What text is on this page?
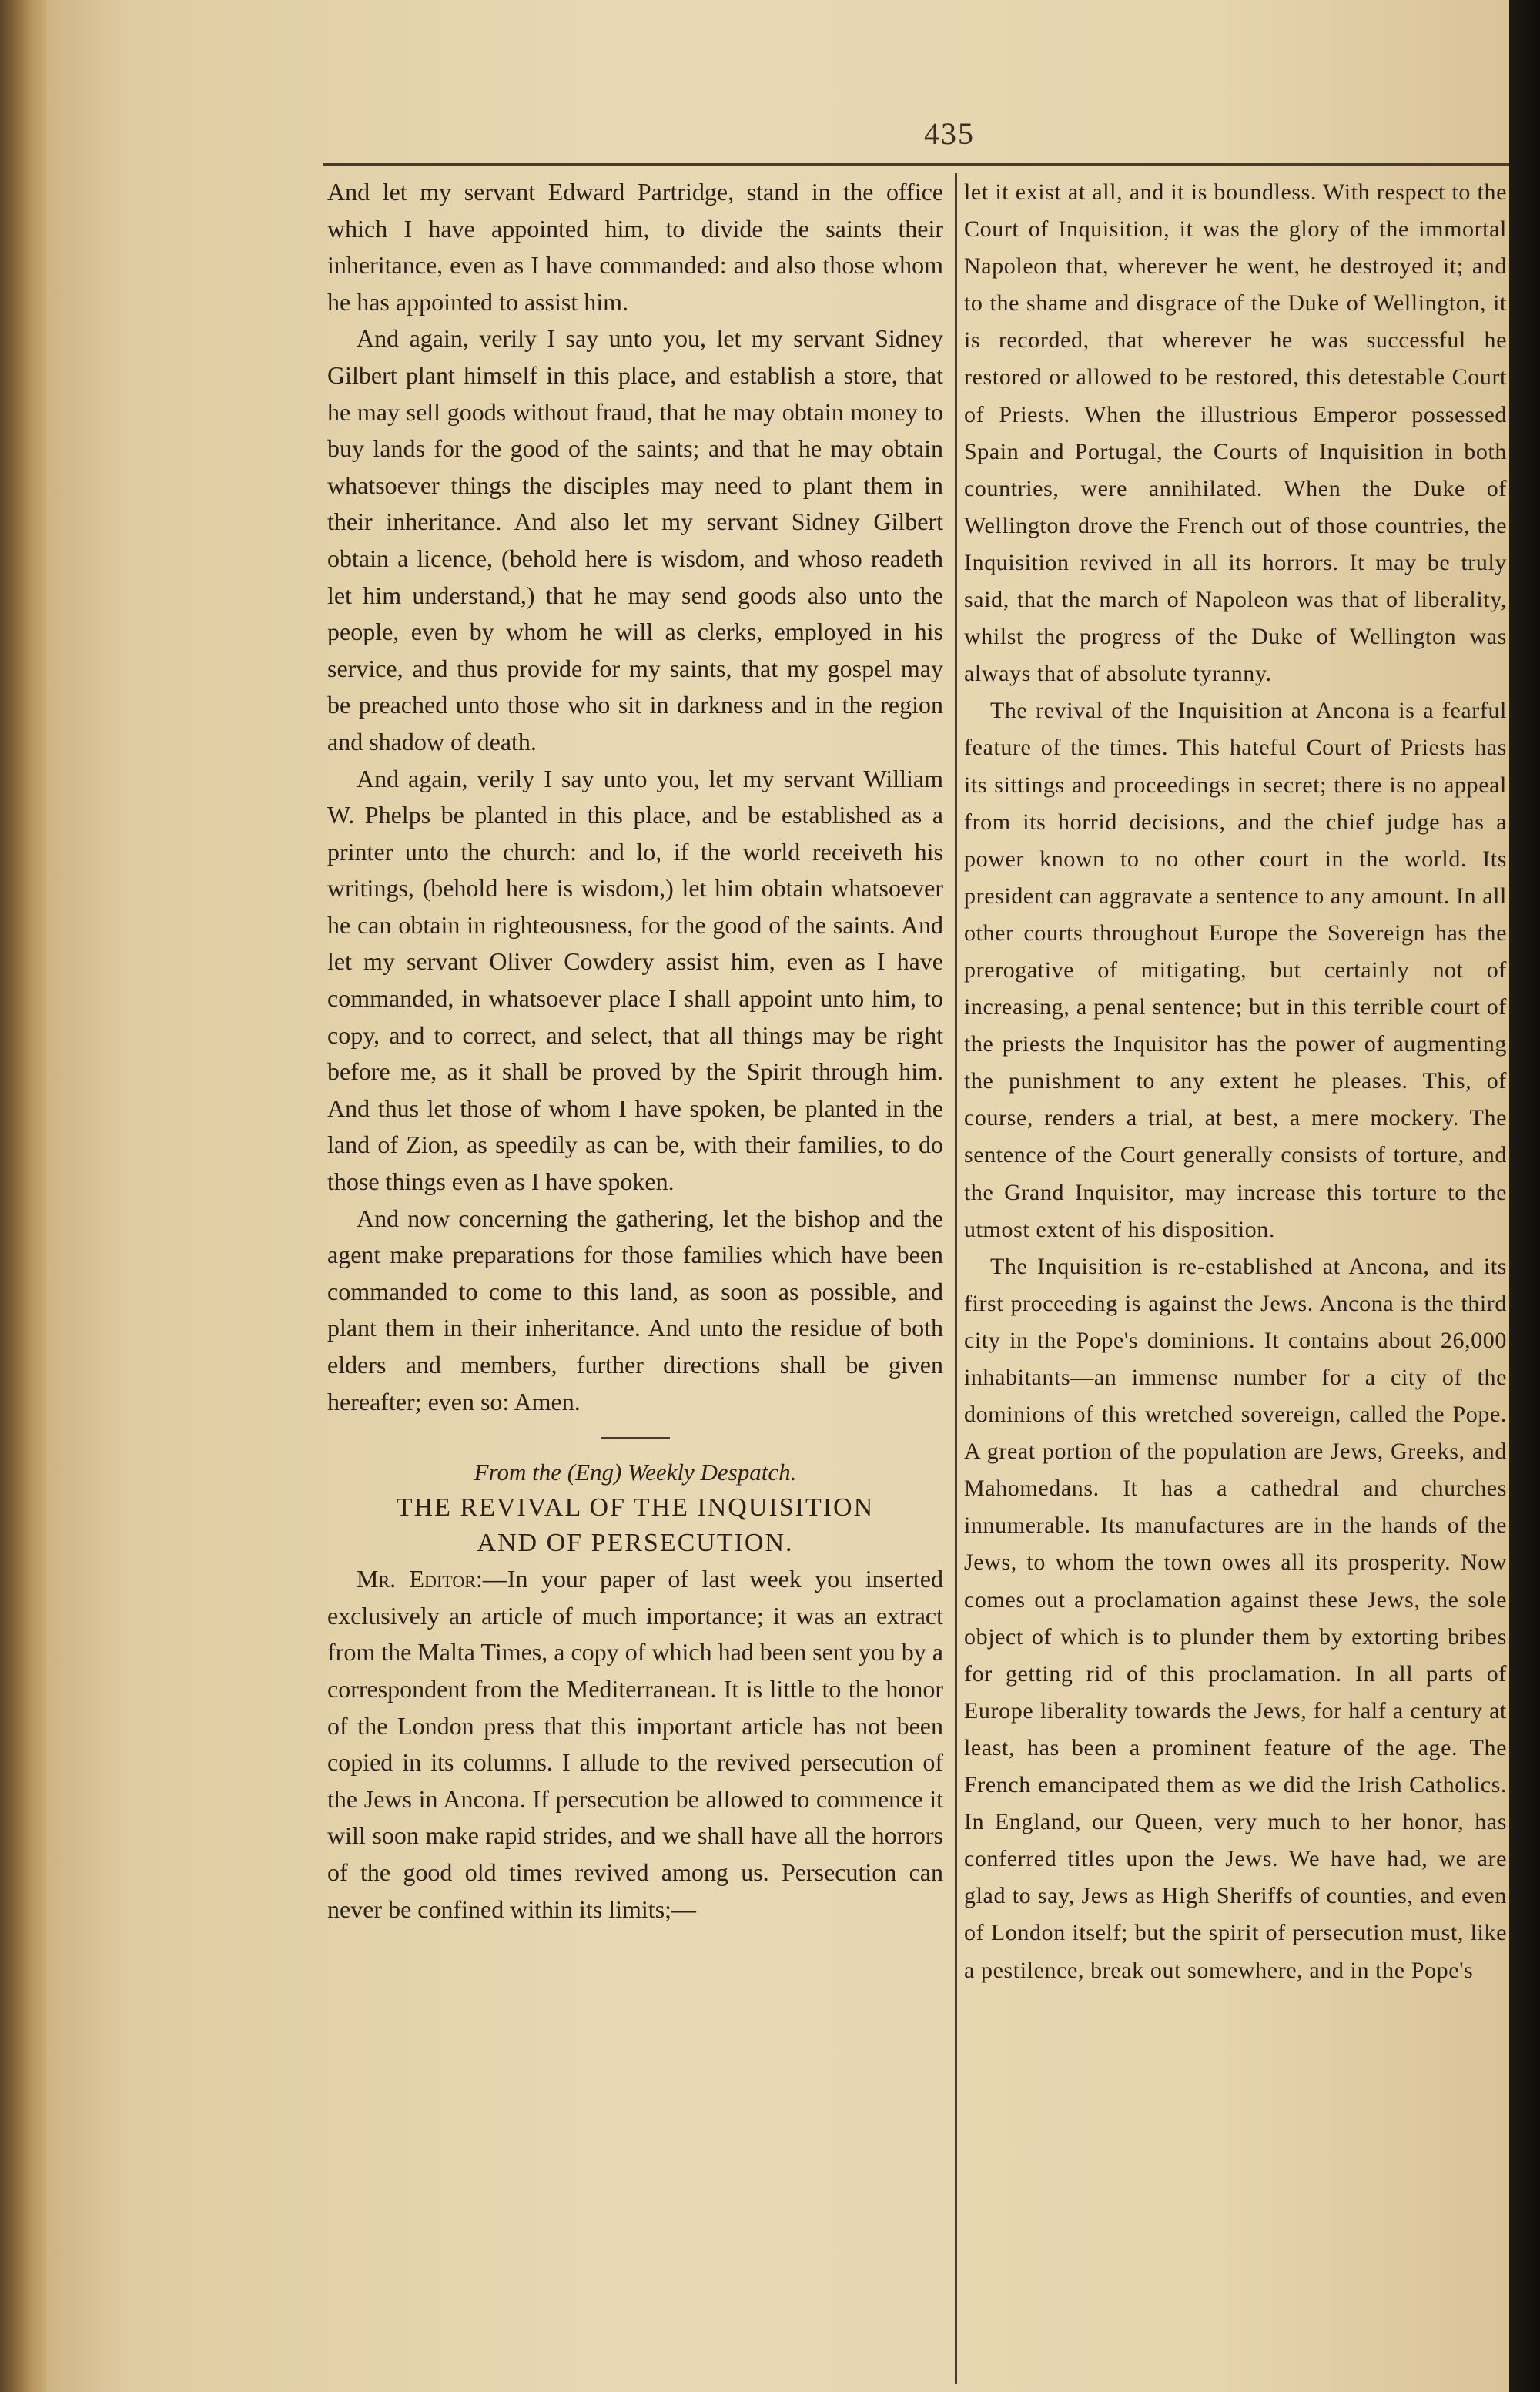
435

And let my servant Edward Partridge, stand in the office which I have appointed him, to divide the saints their inheritance, even as I have commanded: and also those whom he has appointed to assist him.

And again, verily I say unto you, let my servant Sidney Gilbert plant himself in this place, and establish a store, that he may sell goods without fraud, that he may obtain money to buy lands for the good of the saints; and that he may obtain whatsoever things the disciples may need to plant them in their inheritance. And also let my servant Sidney Gilbert obtain a licence, (behold here is wisdom, and whoso readeth let him understand,) that he may send goods also unto the people, even by whom he will as clerks, employed in his service, and thus provide for my saints, that my gospel may be preached unto those who sit in darkness and in the region and shadow of death.

And again, verily I say unto you, let my servant William W. Phelps be planted in this place, and be established as a printer unto the church: and lo, if the world receiveth his writings, (behold here is wisdom,) let him obtain whatsoever he can obtain in righteousness, for the good of the saints. And let my servant Oliver Cowdery assist him, even as I have commanded, in whatsoever place I shall appoint unto him, to copy, and to correct, and select, that all things may be right before me, as it shall be proved by the Spirit through him. And thus let those of whom I have spoken, be planted in the land of Zion, as speedily as can be, with their families, to do those things even as I have spoken.

And now concerning the gathering, let the bishop and the agent make preparations for those families which have been commanded to come to this land, as soon as possible, and plant them in their inheritance. And unto the residue of both elders and members, further directions shall be given hereafter; even so: Amen.

From the (Eng) Weekly Despatch.
THE REVIVAL OF THE INQUISITION
AND OF PERSECUTION.

Mr. Editor:—In your paper of last week you inserted exclusively an article of much importance; it was an extract from the Malta Times, a copy of which had been sent you by a correspondent from the Mediterranean. It is little to the honor of the London press that this important article has not been copied in its columns. I allude to the revived persecution of the Jews in Ancona. If persecution be allowed to commence it will soon make rapid strides, and we shall have all the horrors of the good old times revived among us. Persecution can never be confined within its limits;—

let it exist at all, and it is boundless. With respect to the Court of Inquisition, it was the glory of the immortal Napoleon that, wherever he went, he destroyed it; and to the shame and disgrace of the Duke of Wellington, it is recorded, that wherever he was successful he restored or allowed to be restored, this detestable Court of Priests. When the illustrious Emperor possessed Spain and Portugal, the Courts of Inquisition in both countries, were annihilated. When the Duke of Wellington drove the French out of those countries, the Inquisition revived in all its horrors. It may be truly said, that the march of Napoleon was that of liberality, whilst the progress of the Duke of Wellington was always that of absolute tyranny.

The revival of the Inquisition at Ancona is a fearful feature of the times. This hateful Court of Priests has its sittings and proceedings in secret; there is no appeal from its horrid decisions, and the chief judge has a power known to no other court in the world. Its president can aggravate a sentence to any amount. In all other courts throughout Europe the Sovereign has the prerogative of mitigating, but certainly not of increasing, a penal sentence; but in this terrible court of the priests the Inquisitor has the power of augmenting the punishment to any extent he pleases. This, of course, renders a trial, at best, a mere mockery. The sentence of the Court generally consists of torture, and the Grand Inquisitor, may increase this torture to the utmost extent of his disposition.

The Inquisition is re-established at Ancona, and its first proceeding is against the Jews. Ancona is the third city in the Pope's dominions. It contains about 26,000 inhabitants—an immense number for a city of the dominions of this wretched sovereign, called the Pope. A great portion of the population are Jews, Greeks, and Mahomedans. It has a cathedral and churches innumerable. Its manufactures are in the hands of the Jews, to whom the town owes all its prosperity. Now comes out a proclamation against these Jews, the sole object of which is to plunder them by extorting bribes for getting rid of this proclamation. In all parts of Europe liberality towards the Jews, for half a century at least, has been a prominent feature of the age. The French emancipated them as we did the Irish Catholics. In England, our Queen, very much to her honor, has conferred titles upon the Jews. We have had, we are glad to say, Jews as High Sheriffs of counties, and even of London itself; but the spirit of persecution must, like a pestilence, break out somewhere, and in the Pope's
